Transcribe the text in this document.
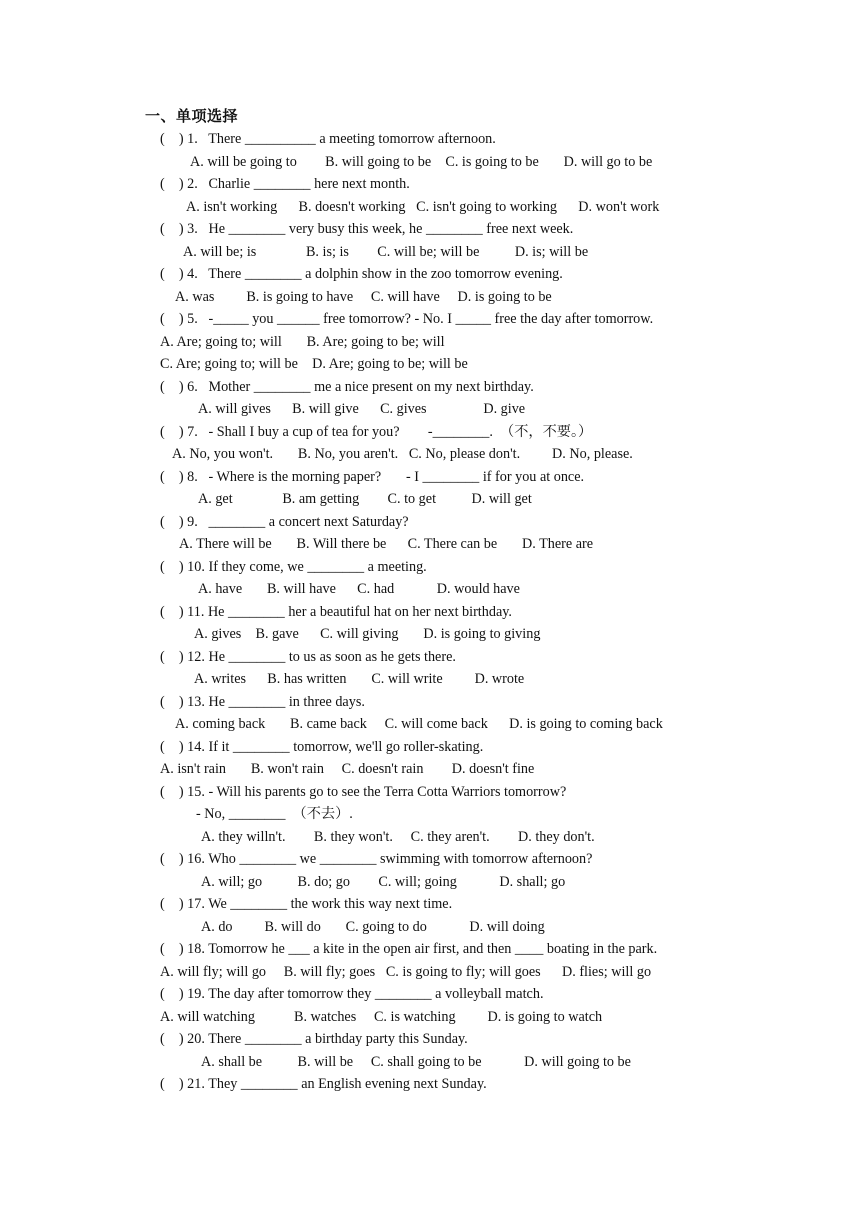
一、单项选择
(    ) 1.   There __________ a meeting tomorrow afternoon.
A. will be going to        B. will going to be    C. is going to be       D. will go to be
(    ) 2.   Charlie ________ here next month.
A. isn't working      B. doesn't working   C. isn't going to working      D. won't work
(    ) 3.   He ________ very busy this week, he ________ free next week.
A. will be; is              B. is; is        C. will be; will be          D. is; will be
(    ) 4.   There ________ a dolphin show in the zoo tomorrow evening.
A. was         B. is going to have     C. will have     D. is going to be
(    ) 5.   -_____ you ______ free tomorrow? - No. I _____ free the day after tomorrow.
A. Are; going to; will       B. Are; going to be; will
C. Are; going to; will be    D. Are; going to be; will be
(    ) 6.   Mother ________ me a nice present on my next birthday.
A. will gives      B. will give      C. gives                D. give
(    ) 7.   - Shall I buy a cup of tea for you?        -________.  （不，不要。）
A. No, you won't.       B. No, you aren't.   C. No, please don't.         D. No, please.
(    ) 8.   - Where is the morning paper?       - I ________ if for you at once.
A. get              B. am getting        C. to get          D. will get
(    ) 9.   ________ a concert next Saturday?
A. There will be       B. Will there be      C. There can be       D. There are
(    ) 10. If they come, we ________ a meeting.
A. have       B. will have      C. had            D. would have
(    ) 11. He ________ her a beautiful hat on her next birthday.
A. gives    B. gave      C. will giving       D. is going to giving
(    ) 12. He ________ to us as soon as he gets there.
A. writes      B. has written       C. will write         D. wrote
(    ) 13. He ________ in three days.
A. coming back       B. came back     C. will come back      D. is going to coming back
(    ) 14. If it ________ tomorrow, we'll go roller-skating.
A. isn't rain       B. won't rain     C. doesn't rain        D. doesn't fine
(    ) 15. - Will his parents go to see the Terra Cotta Warriors tomorrow?
- No, ________  （不去）.
A. they willn't.        B. they won't.     C. they aren't.        D. they don't.
(    ) 16. Who ________ we ________ swimming with tomorrow afternoon?
A. will; go          B. do; go        C. will; going            D. shall; go
(    ) 17. We ________ the work this way next time.
A. do         B. will do       C. going to do            D. will doing
(    ) 18. Tomorrow he ___ a kite in the open air first, and then ____ boating in the park.
A. will fly; will go     B. will fly; goes   C. is going to fly; will goes      D. flies; will go
(    ) 19. The day after tomorrow they ________ a volleyball match.
A. will watching           B. watches     C. is watching         D. is going to watch
(    ) 20. There ________ a birthday party this Sunday.
A. shall be          B. will be     C. shall going to be            D. will going to be
(    ) 21. They ________ an English evening next Sunday.
